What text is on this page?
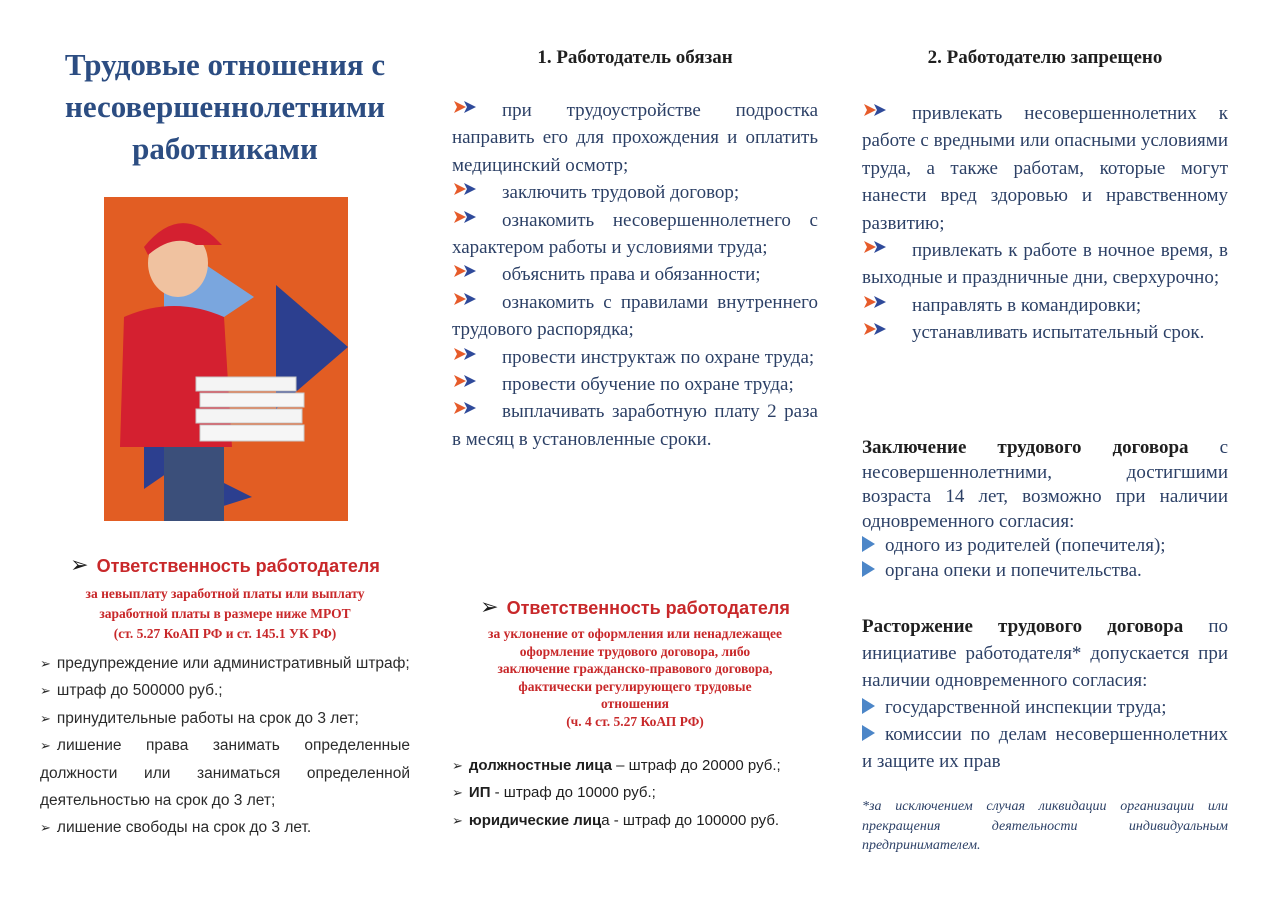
Трудовые отношения с
несовершеннолетними
работниками
➢ Ответственность работодателя
за невыплату заработной платы или выплату
заработной платы в размере ниже МРОТ
(ст. 5.27 КоАП РФ и ст. 145.1 УК РФ)
➢ предупреждение или административный штраф;
➢ штраф до 500000 руб.;
➢ принудительные работы на срок до 3 лет;
➢ лишение права занимать определенные должности или заниматься определенной деятельностью на срок до 3 лет;
➢ лишение свободы на срок до 3 лет.
1. Работодатель обязан
при трудоустройстве подростка направить его для прохождения и оплатить медицинский осмотр;
заключить трудовой договор;
ознакомить несовершеннолетнего с характером работы и условиями труда;
объяснить права и обязанности;
ознакомить с правилами внутреннего трудового распорядка;
провести инструктаж по охране труда;
провести обучение по охране труда;
выплачивать заработную плату 2 раза в месяц в установленные сроки.
➢ Ответственность работодателя
за уклонение от оформления или ненадлежащее
оформление трудового договора, либо
заключение гражданско-правового договора,
фактически регулирующего трудовые
отношения
(ч. 4 ст. 5.27 КоАП РФ)
➢ должностные лица – штраф до 20000 руб.;
➢ ИП - штраф до 10000 руб.;
➢ юридические лица - штраф до 100000 руб.
2. Работодателю запрещено
привлекать несовершеннолетних к работе с вредными или опасными условиями труда, а также работам, которые могут нанести вред здоровью и нравственному развитию;
привлекать к работе в ночное время, в выходные и праздничные дни, сверхурочно;
направлять в командировки;
устанавливать испытательный срок.
Заключение трудового договора с несовершеннолетними, достигшими возраста 14 лет, возможно при наличии одновременного согласия:
одного из родителей (попечителя);
органа опеки и попечительства.
Расторжение трудового договора по инициативе работодателя* допускается при наличии одновременного согласия:
государственной инспекции труда;
комиссии по делам несовершеннолетних и защите их прав
*за исключением случая ликвидации организации или прекращения деятельности индивидуальным предпринимателем.
